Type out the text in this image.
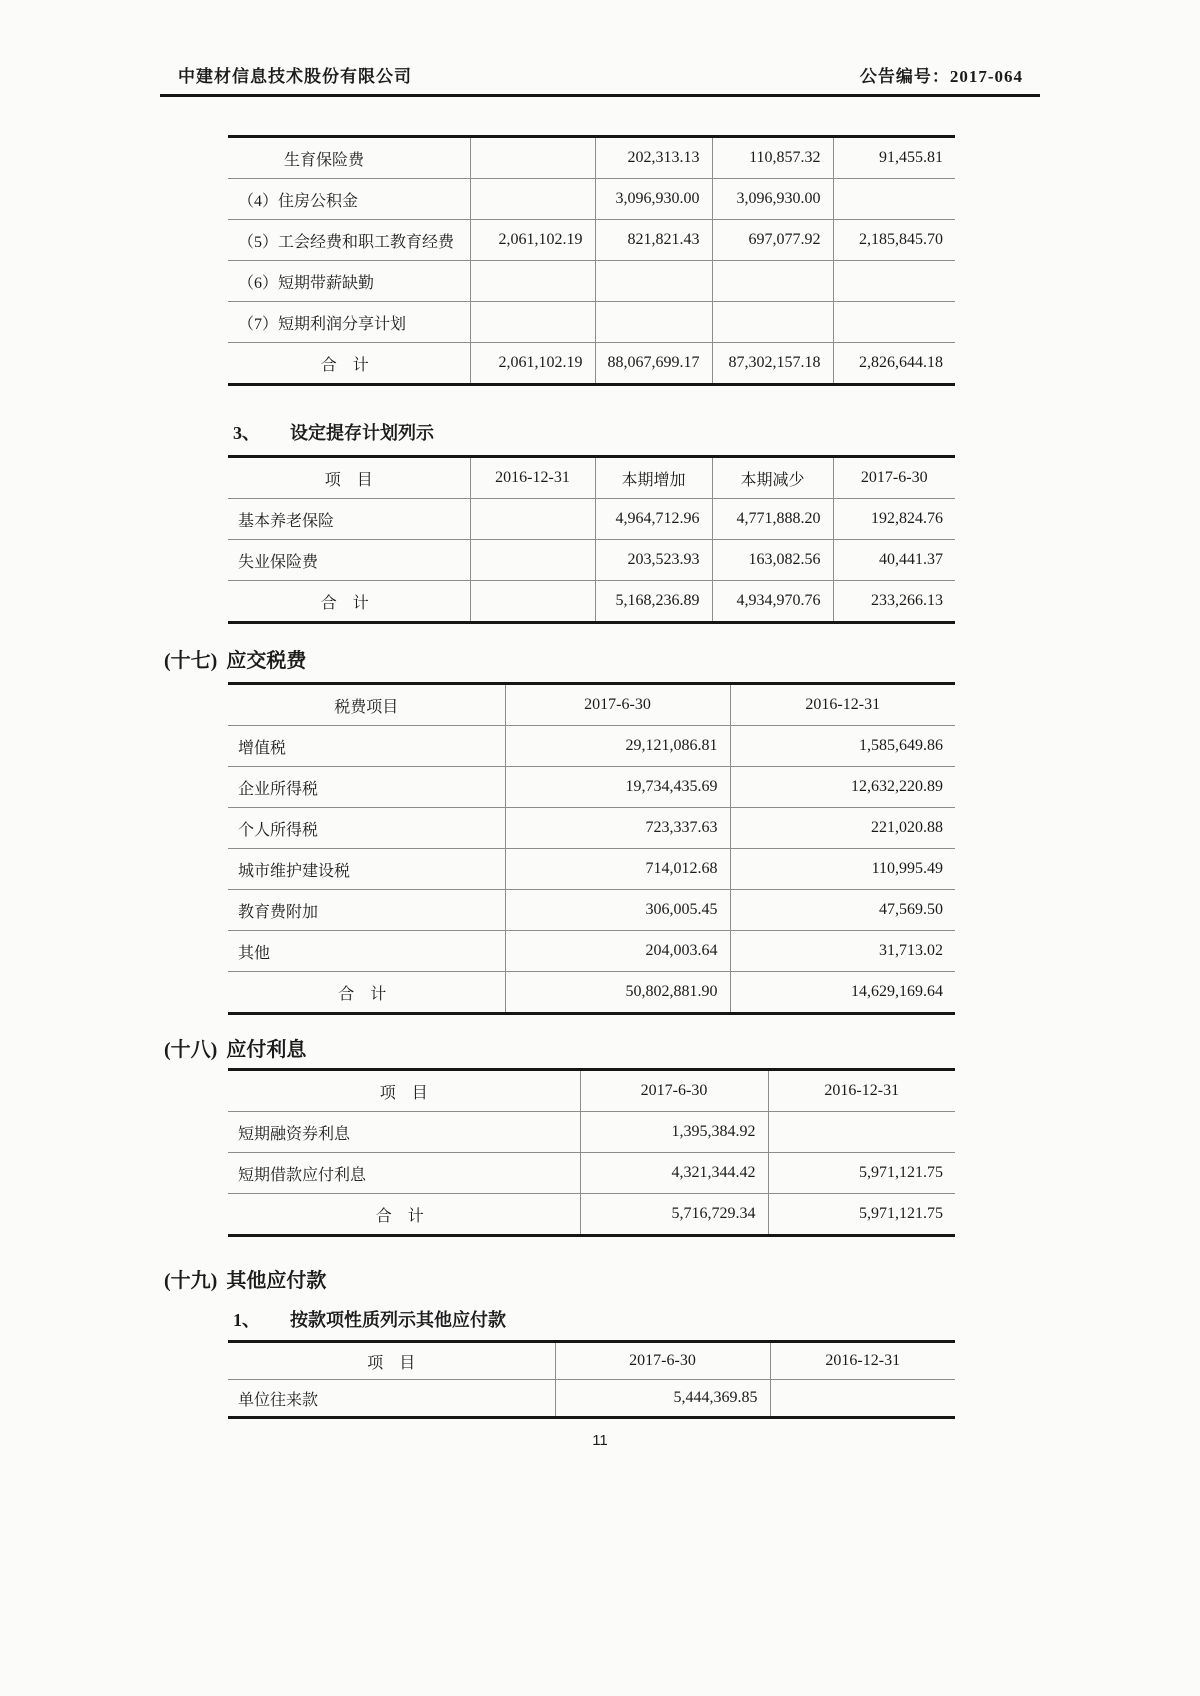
中建材信息技术股份有限公司	公告编号：2017-064
生育保险费		202,313.13	110,857.32	91,455.81
（4）住房公积金		3,096,930.00	3,096,930.00	
（5）工会经费和职工教育经费	2,061,102.19	821,821.43	697,077.92	2,185,845.70
（6）短期带薪缺勤				
（7）短期利润分享计划				
合　计	2,061,102.19	88,067,699.17	87,302,157.18	2,826,644.18
3、 设定提存计划列示
项　目	2016-12-31	本期增加	本期减少	2017-6-30
基本养老保险		4,964,712.96	4,771,888.20	192,824.76
失业保险费		203,523.93	163,082.56	40,441.37
合　计		5,168,236.89	4,934,970.76	233,266.13
(十七) 应交税费
税费项目	2017-6-30	2016-12-31
增值税	29,121,086.81	1,585,649.86
企业所得税	19,734,435.69	12,632,220.89
个人所得税	723,337.63	221,020.88
城市维护建设税	714,012.68	110,995.49
教育费附加	306,005.45	47,569.50
其他	204,003.64	31,713.02
合　计	50,802,881.90	14,629,169.64
(十八) 应付利息
项　目	2017-6-30	2016-12-31
短期融资券利息	1,395,384.92	
短期借款应付利息	4,321,344.42	5,971,121.75
合　计	5,716,729.34	5,971,121.75
(十九) 其他应付款
1、 按款项性质列示其他应付款
项　目	2017-6-30	2016-12-31
单位往来款	5,444,369.85	
11
